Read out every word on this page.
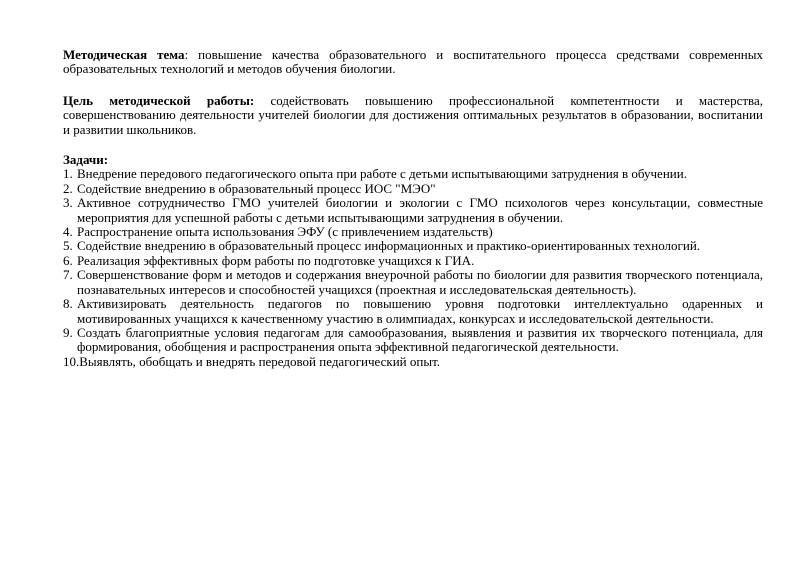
Методическая тема: повышение качества образовательного и воспитательного процесса средствами современных образовательных технологий и методов обучения биологии.

Цель методической работы: содействовать повышению профессиональной компетентности и мастерства, совершенствованию деятельности учителей биологии для достижения оптимальных результатов в образовании, воспитании и развитии школьников.

Задачи:

1. Внедрение передового педагогического опыта при работе с детьми испытывающими затруднения в обучении.
2. Содействие внедрению в образовательный процесс ИОС "МЭО"
3. Активное сотрудничество ГМО учителей биологии и экологии с ГМО психологов через консультации, совместные мероприятия для успешной работы с детьми испытывающими затруднения в обучении.
4. Распространение опыта использования ЭФУ (с привлечением издательств)
5. Содействие внедрению в образовательный процесс информационных и практико-ориентированных технологий.
6. Реализация эффективных форм работы по подготовке учащихся к ГИА.
7. Совершенствование форм и методов и содержания внеурочной работы по биологии для развития творческого потенциала, познавательных интересов и способностей учащихся (проектная и исследовательская деятельность).
8. Активизировать деятельность педагогов по повышению уровня подготовки интеллектуально одаренных и мотивированных учащихся к качественному участию в олимпиадах, конкурсах и исследовательской деятельности.
9. Создать благоприятные условия педагогам для самообразования, выявления и развития их творческого потенциала, для формирования, обобщения и распространения опыта эффективной педагогической деятельности.
10.Выявлять, обобщать и внедрять передовой педагогический опыт.
